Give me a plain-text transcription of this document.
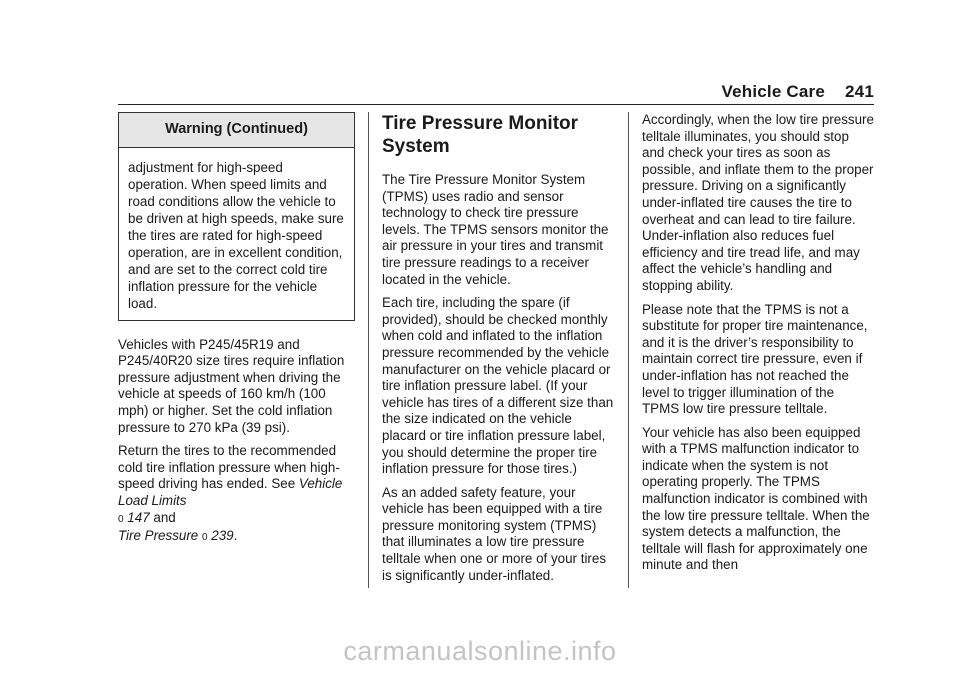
Vehicle Care 241
Warning (Continued)
adjustment for high-speed operation. When speed limits and road conditions allow the vehicle to be driven at high speeds, make sure the tires are rated for high-speed operation, are in excellent condition, and are set to the correct cold tire inflation pressure for the vehicle load.

Vehicles with P245/45R19 and P245/40R20 size tires require inflation pressure adjustment when driving the vehicle at speeds of 160 km/h (100 mph) or higher. Set the cold inflation pressure to 270 kPa (39 psi).

Return the tires to the recommended cold tire inflation pressure when high-speed driving has ended. See Vehicle Load Limits
0 147 and
Tire Pressure 0 239.

Tire Pressure Monitor System

The Tire Pressure Monitor System (TPMS) uses radio and sensor technology to check tire pressure levels. The TPMS sensors monitor the air pressure in your tires and transmit tire pressure readings to a receiver located in the vehicle.

Each tire, including the spare (if provided), should be checked monthly when cold and inflated to the inflation pressure recommended by the vehicle manufacturer on the vehicle placard or tire inflation pressure label. (If your vehicle has tires of a different size than the size indicated on the vehicle placard or tire inflation pressure label, you should determine the proper tire inflation pressure for those tires.)

As an added safety feature, your vehicle has been equipped with a tire pressure monitoring system (TPMS) that illuminates a low tire pressure telltale when one or more of your tires is significantly under-inflated.

Accordingly, when the low tire pressure telltale illuminates, you should stop and check your tires as soon as possible, and inflate them to the proper pressure. Driving on a significantly under-inflated tire causes the tire to overheat and can lead to tire failure. Under-inflation also reduces fuel efficiency and tire tread life, and may affect the vehicle’s handling and stopping ability.

Please note that the TPMS is not a substitute for proper tire maintenance, and it is the driver’s responsibility to maintain correct tire pressure, even if under-inflation has not reached the level to trigger illumination of the TPMS low tire pressure telltale.

Your vehicle has also been equipped with a TPMS malfunction indicator to indicate when the system is not operating properly. The TPMS malfunction indicator is combined with the low tire pressure telltale. When the system detects a malfunction, the telltale will flash for approximately one minute and then

carmanualsonline.info
